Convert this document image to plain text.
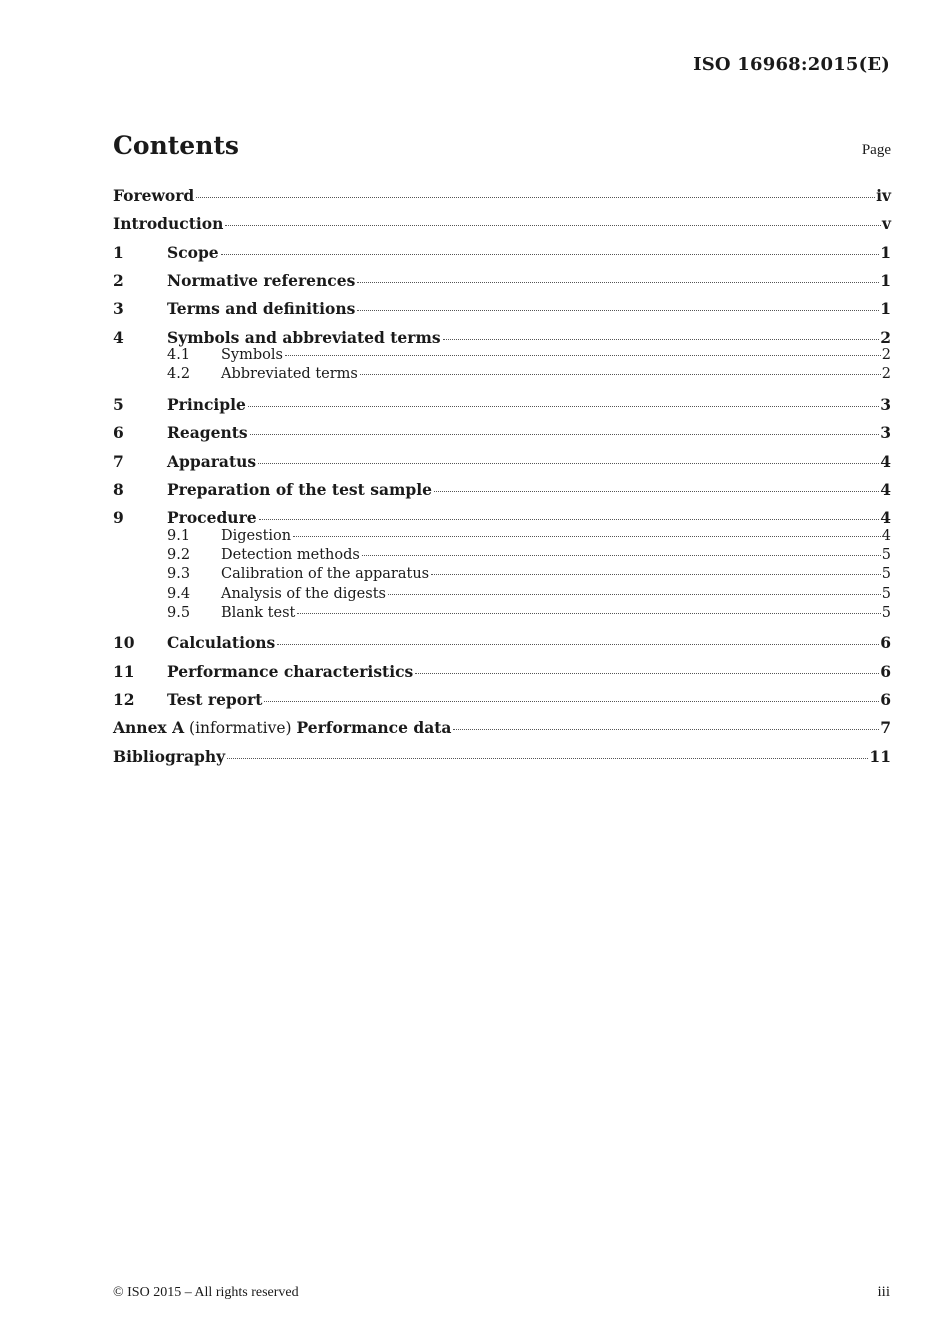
ISO 16968:2015(E)
Contents	Page
Foreword	iv
Introduction	v
1	Scope	1
2	Normative references	1
3	Terms and definitions	1
4	Symbols and abbreviated terms	2
4.1	Symbols	2
4.2	Abbreviated terms	2
5	Principle	3
6	Reagents	3
7	Apparatus	4
8	Preparation of the test sample	4
9	Procedure	4
9.1	Digestion	4
9.2	Detection methods	5
9.3	Calibration of the apparatus	5
9.4	Analysis of the digests	5
9.5	Blank test	5
10	Calculations	6
11	Performance characteristics	6
12	Test report	6
Annex A (informative) Performance data	7
Bibliography	11
© ISO 2015 – All rights reserved	iii
